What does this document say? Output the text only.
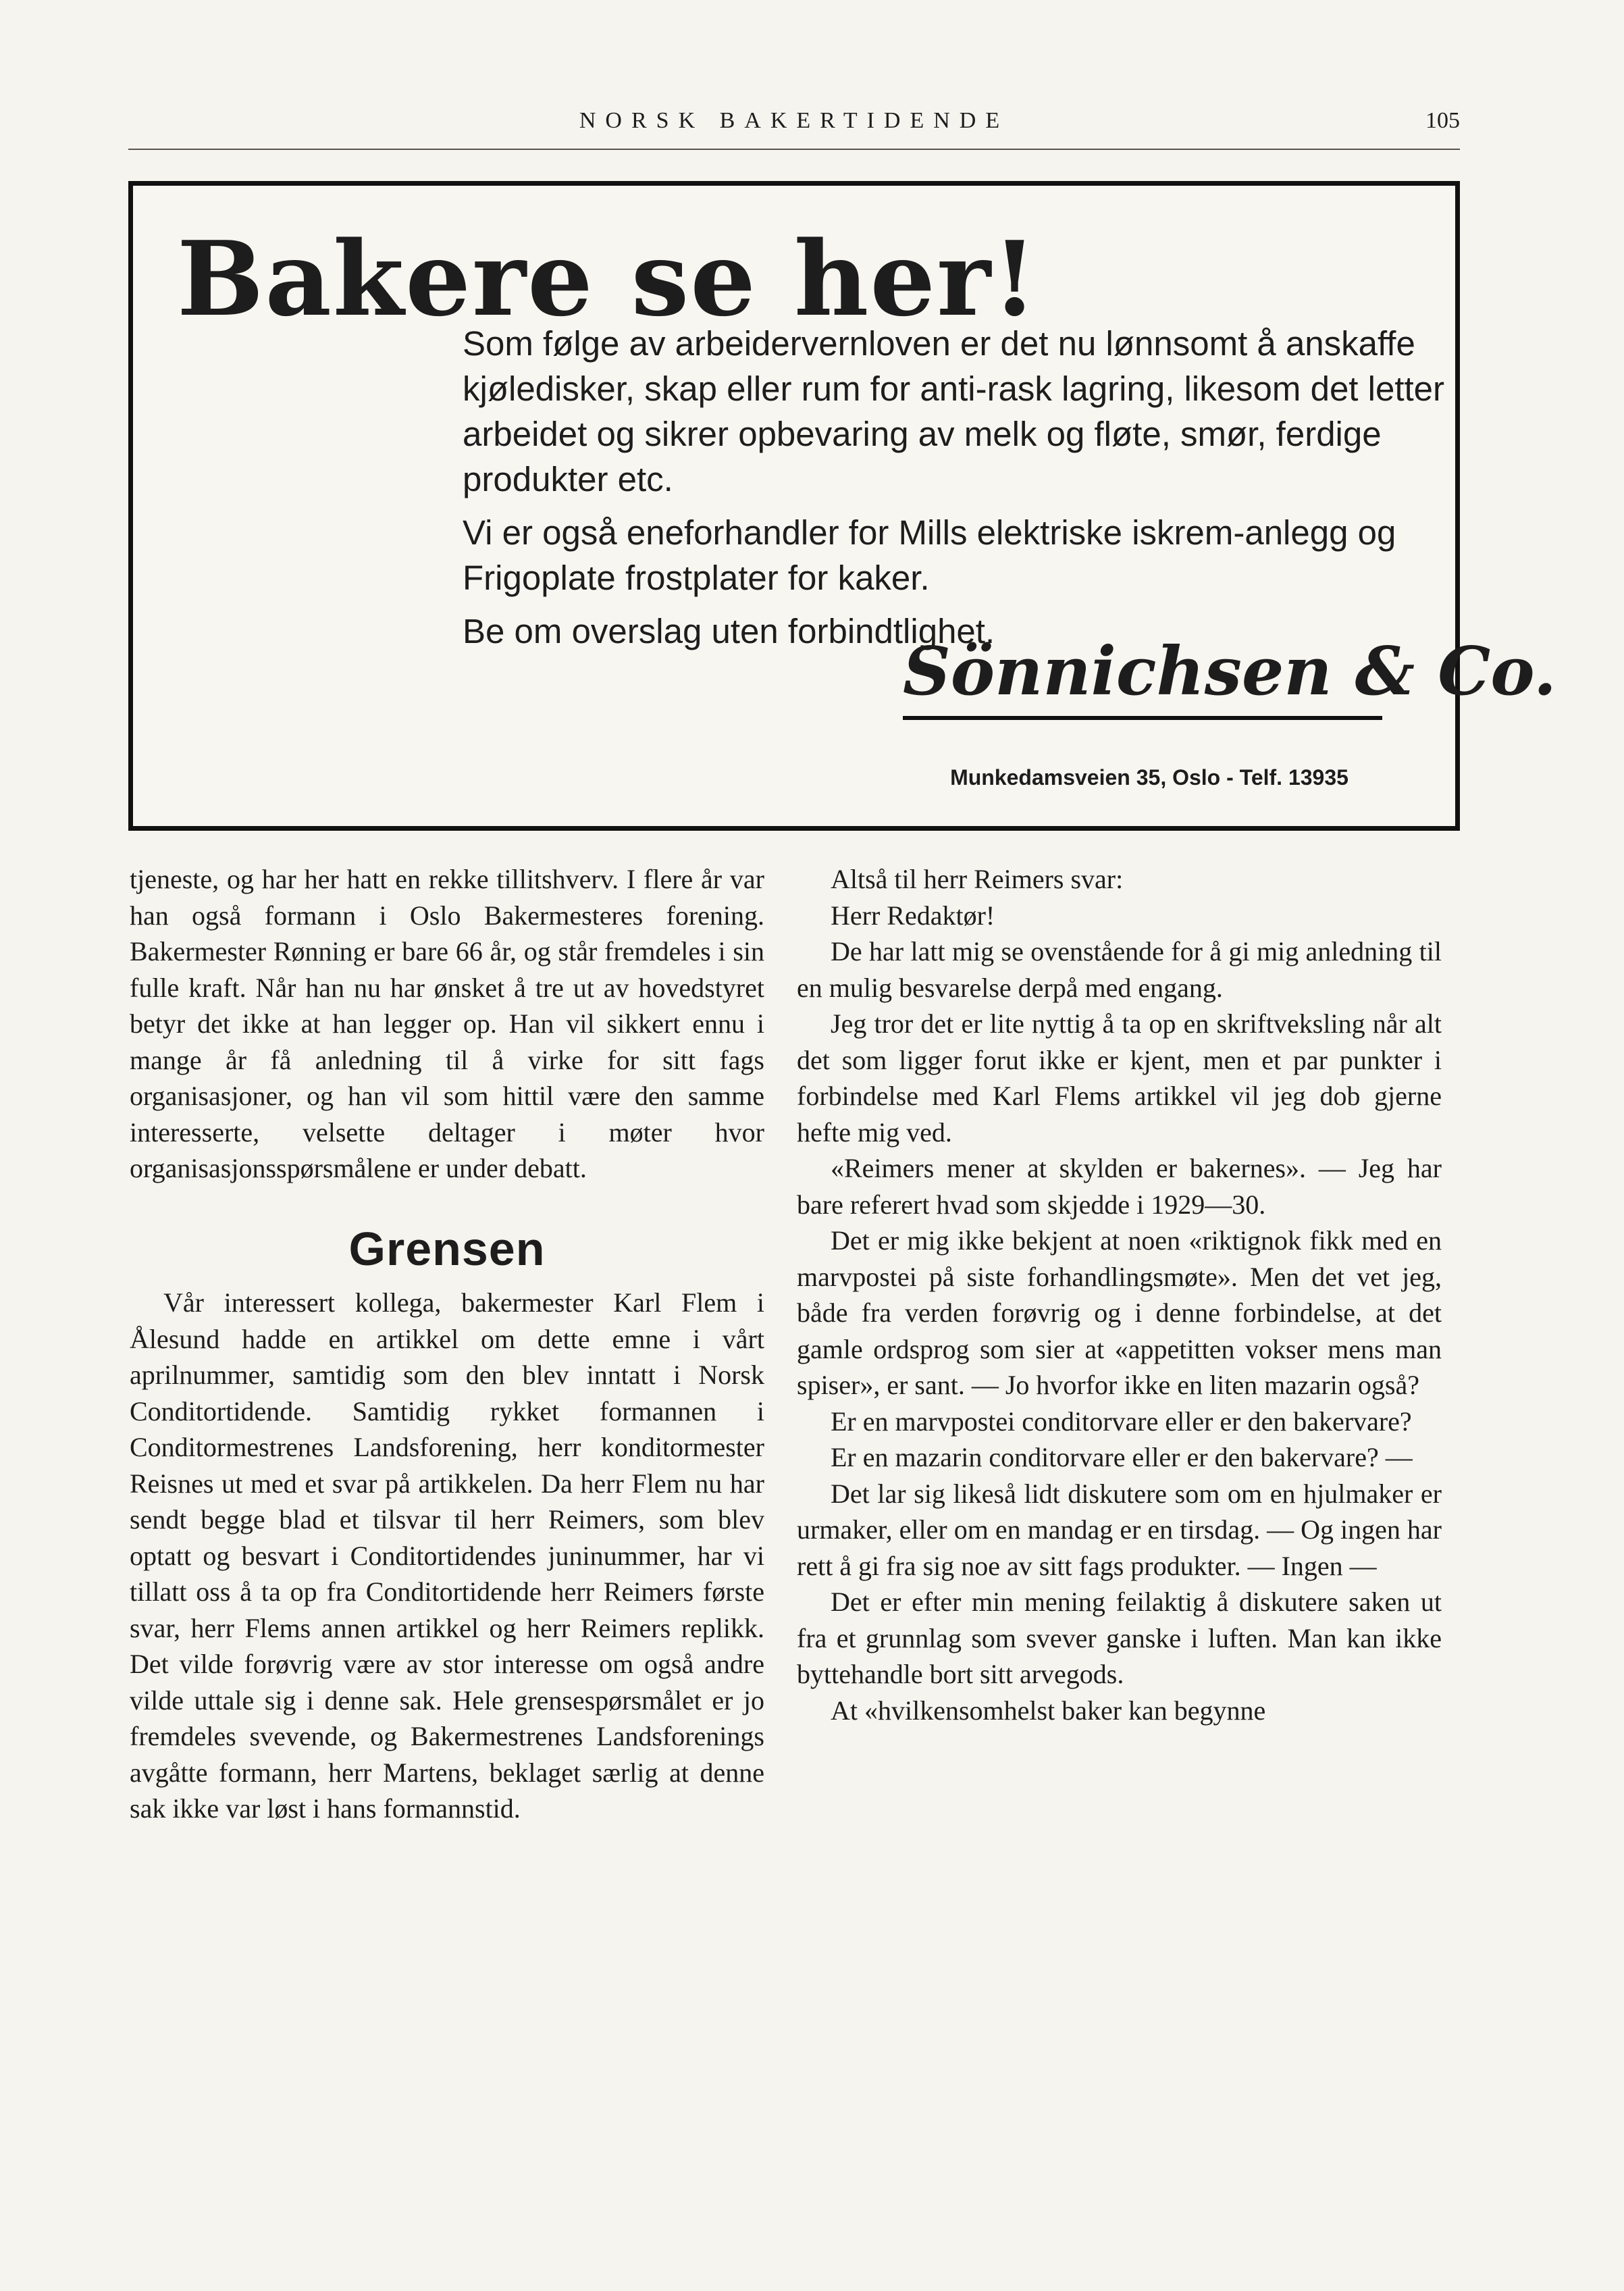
NORSK BAKERTIDENDE	105
Bakere se her!

Som følge av arbeidervernloven er det nu lønnsomt å anskaffe kjøledisker, skap eller rum for anti-rask lagring, likesom det letter arbeidet og sikrer opbevaring av melk og fløte, smør, ferdige produkter etc.

Vi er også eneforhandler for Mills elektriske iskrem-anlegg og Frigoplate frostplater for kaker.

Be om overslag uten forbindtlighet.

Sönnichsen & Co.
Munkedamsveien 35, Oslo - Telf. 13935

tjeneste, og har her hatt en rekke tillitshverv. I flere år var han også formann i Oslo Bakermesteres forening. Bakermester Rønning er bare 66 år, og står fremdeles i sin fulle kraft. Når han nu har ønsket å tre ut av hovedstyret betyr det ikke at han legger op. Han vil sikkert ennu i mange år få anledning til å virke for sitt fags organisasjoner, og han vil som hittil være den samme interesserte, velsette deltager i møter hvor organisasjonsspørsmålene er under debatt.

Grensen

Vår interessert kollega, bakermester Karl Flem i Ålesund hadde en artikkel om dette emne i vårt aprilnummer, samtidig som den blev inntatt i Norsk Conditortidende. Samtidig rykket formannen i Conditormestrenes Landsforening, herr konditormester Reisnes ut med et svar på artikkelen. Da herr Flem nu har sendt begge blad et tilsvar til herr Reimers, som blev optatt og besvart i Conditortidendes juninummer, har vi tillatt oss å ta op fra Conditortidende herr Reimers første svar, herr Flems annen artikkel og herr Reimers replikk. Det vilde forøvrig være av stor interesse om også andre vilde uttale sig i denne sak. Hele grensespørsmålet er jo fremdeles svevende, og Bakermestrenes Landsforenings avgåtte formann, herr Martens, beklaget særlig at denne sak ikke var løst i hans formannstid.

Altså til herr Reimers svar:

Herr Redaktør!

De har latt mig se ovenstående for å gi mig anledning til en mulig besvarelse derpå med engang.

Jeg tror det er lite nyttig å ta op en skriftveksling når alt det som ligger forut ikke er kjent, men et par punkter i forbindelse med Karl Flems artikkel vil jeg dob gjerne hefte mig ved.

«Reimers mener at skylden er bakernes». — Jeg har bare referert hvad som skjedde i 1929—30.

Det er mig ikke bekjent at noen «riktignok fikk med en marvpostei på siste forhandlingsmøte». Men det vet jeg, både fra verden forøvrig og i denne forbindelse, at det gamle ordsprog som sier at «appetitten vokser mens man spiser», er sant. — Jo hvorfor ikke en liten mazarin også?

Er en marvpostei conditorvare eller er den bakervare?

Er en mazarin conditorvare eller er den bakervare? —

Det lar sig likeså lidt diskutere som om en hjulmaker er urmaker, eller om en mandag er en tirsdag. — Og ingen har rett å gi fra sig noe av sitt fags produkter. — Ingen —

Det er efter min mening feilaktig å diskutere saken ut fra et grunnlag som svever ganske i luften. Man kan ikke byttehandle bort sitt arvegods.

At «hvilkensomhelst baker kan begynne
